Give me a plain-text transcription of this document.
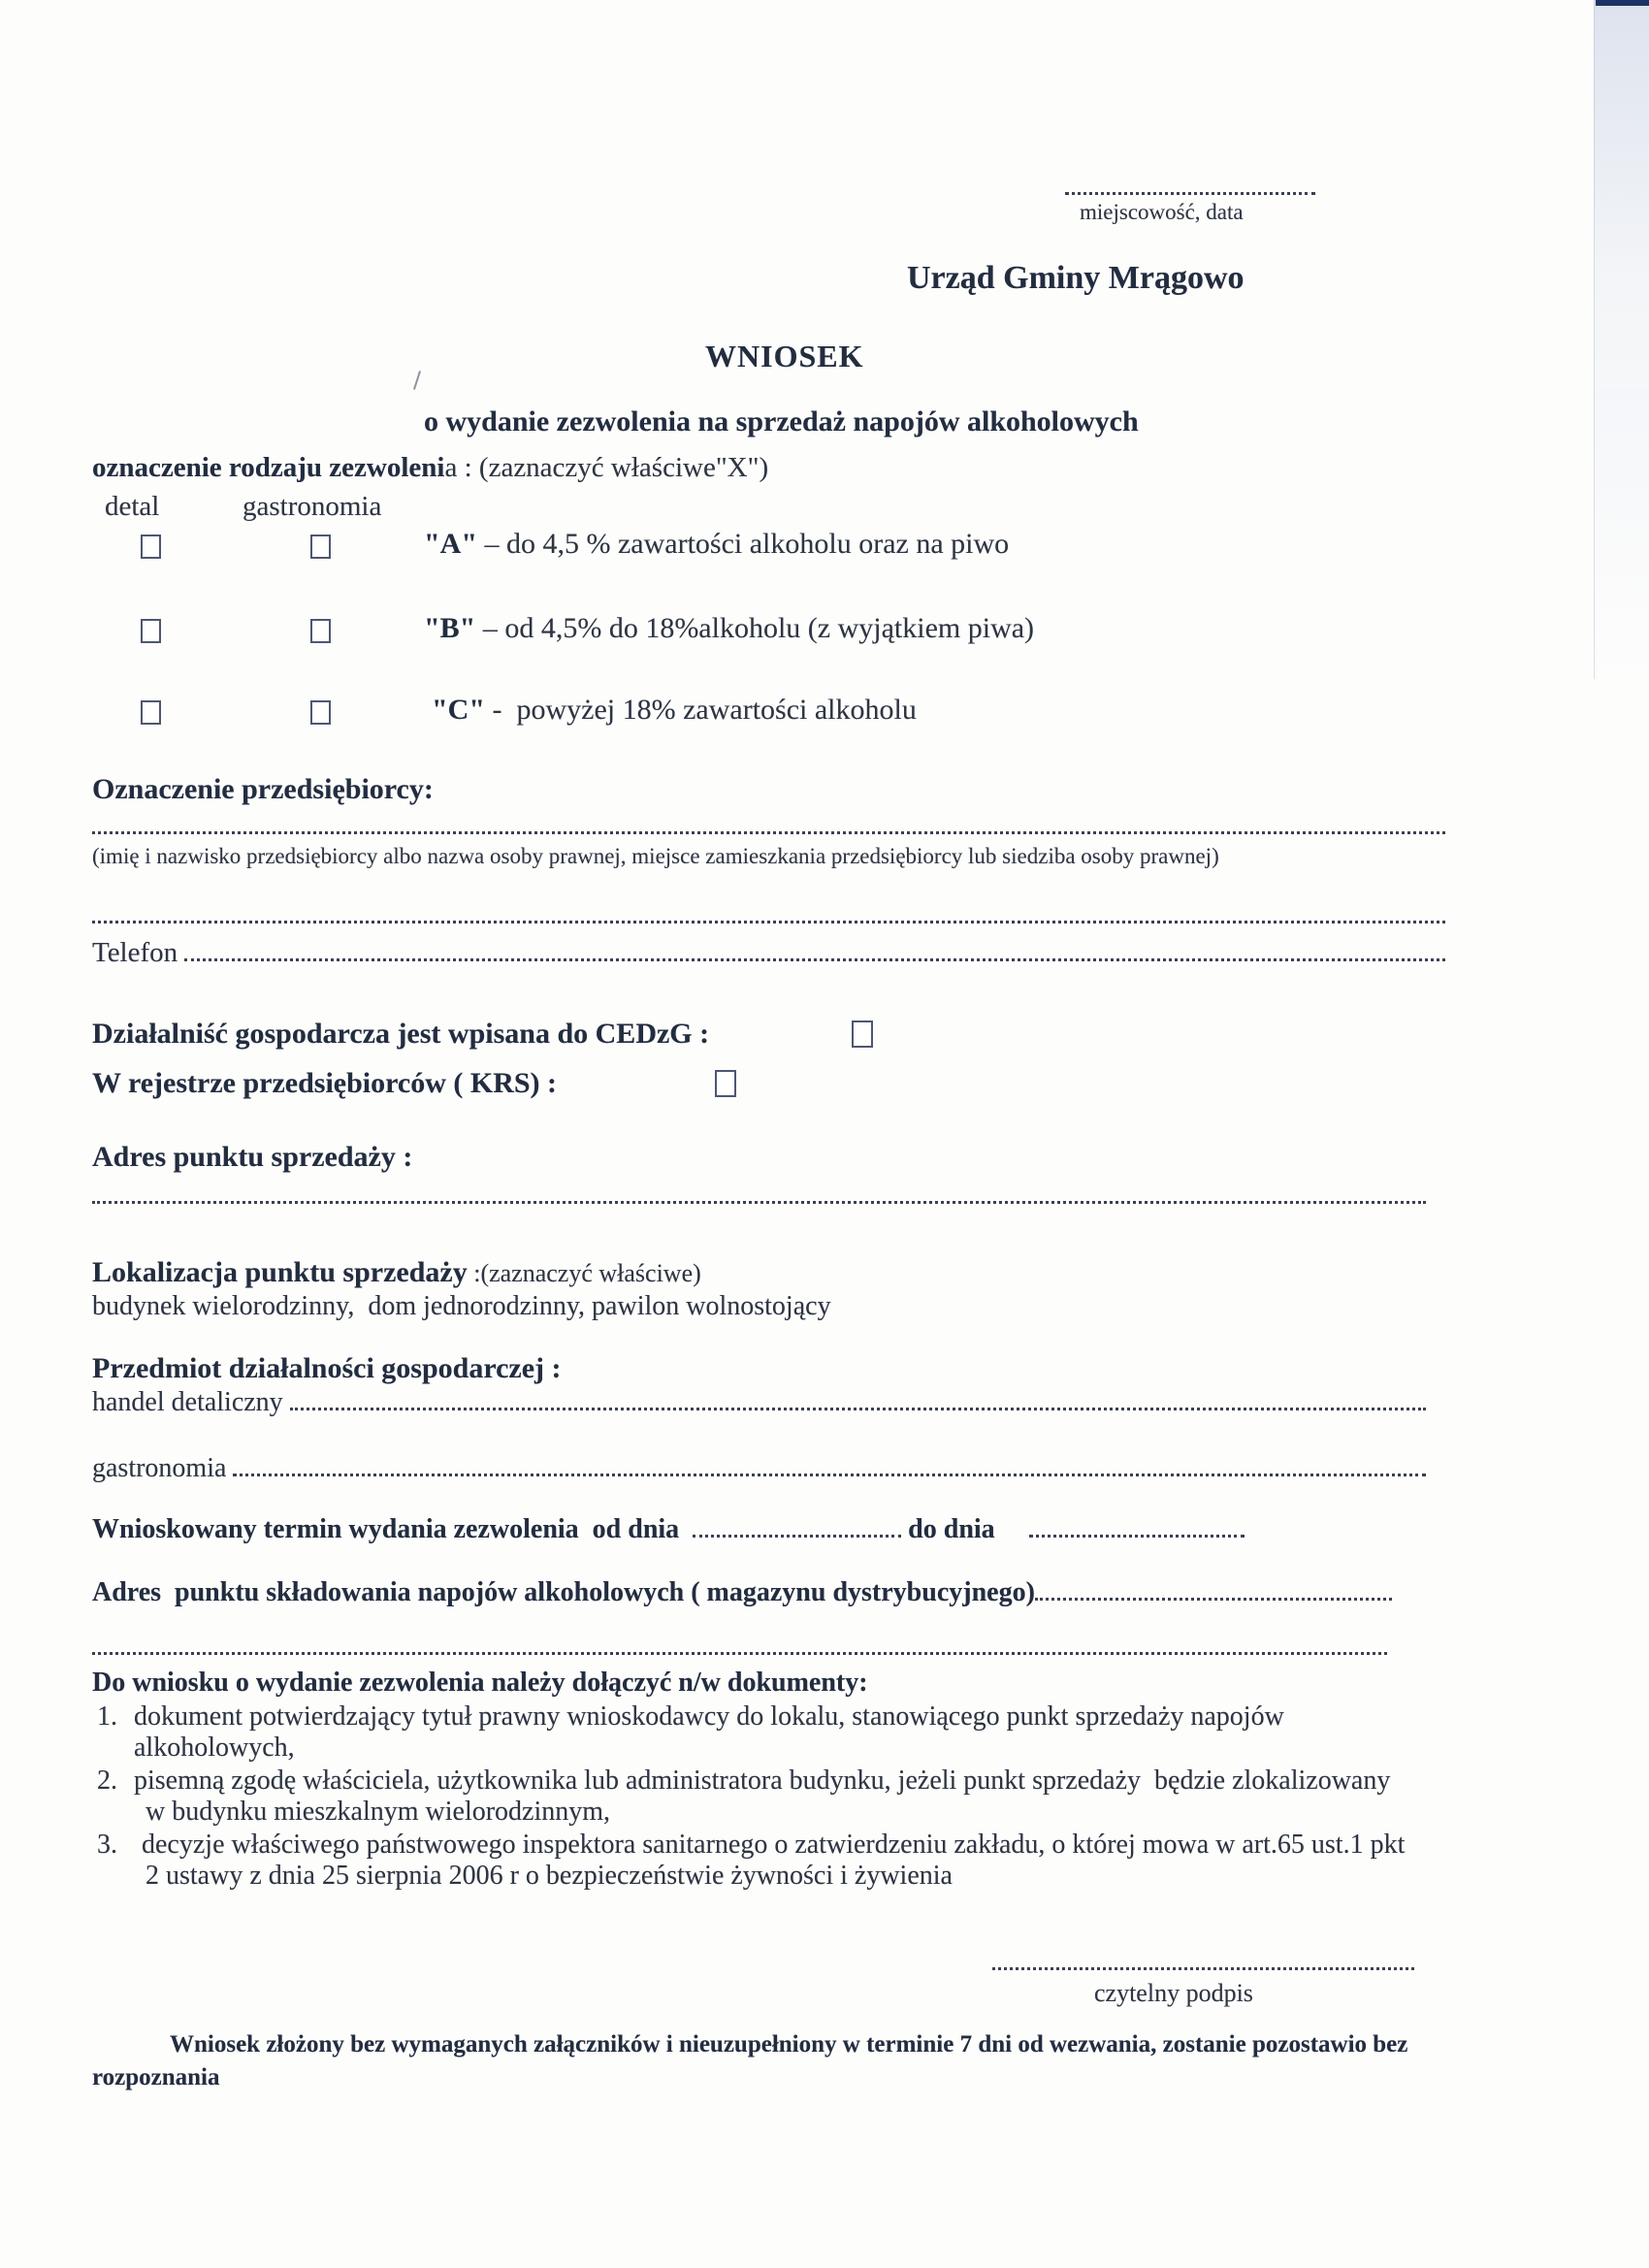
miejscowość, data
Urząd Gminy Mrągowo
WNIOSEK
o wydanie zezwolenia na sprzedaż napojów alkoholowych
oznaczenie rodzaju zezwolenia : (zaznaczyć właściwe"X")
detal	gastronomia
"A" – do 4,5 % zawartości alkoholu oraz na piwo
"B" – od 4,5% do 18%alkoholu (z wyjątkiem piwa)
"C" -  powyżej 18% zawartości alkoholu
Oznaczenie przedsiębiorcy:
(imię i nazwisko przedsiębiorcy albo nazwa osoby prawnej, miejsce zamieszkania przedsiębiorcy lub siedziba osoby prawnej)
Telefon
Działalniść gospodarcza jest wpisana do CEDzG :
W rejestrze przedsiębiorców ( KRS) :
Adres punktu sprzedaży :
Lokalizacja punktu sprzedaży :(zaznaczyć właściwe)
budynek wielorodzinny,  dom jednorodzinny, pawilon wolnostojący
Przedmiot działalności gospodarczej :
handel detaliczny
gastronomia
Wnioskowany termin wydania zezwolenia  od dnia	do dnia
Adres  punktu składowania napojów alkoholowych ( magazynu dystrybucyjnego)
Do wniosku o wydanie zezwolenia należy dołączyć n/w dokumenty:
1. dokument potwierdzający tytuł prawny wnioskodawcy do lokalu, stanowiącego punkt sprzedaży napojów
alkoholowych,
2. pisemną zgodę właściciela, użytkownika lub administratora budynku, jeżeli punkt sprzedaży  będzie zlokalizowany
w budynku mieszkalnym wielorodzinnym,
3. decyzje właściwego państwowego inspektora sanitarnego o zatwierdzeniu zakładu, o której mowa w art.65 ust.1 pkt
2 ustawy z dnia 25 sierpnia 2006 r o bezpieczeństwie żywności i żywienia
czytelny podpis
Wniosek złożony bez wymaganych załączników i nieuzupełniony w terminie 7 dni od wezwania, zostanie pozostawio bez
rozpoznania
